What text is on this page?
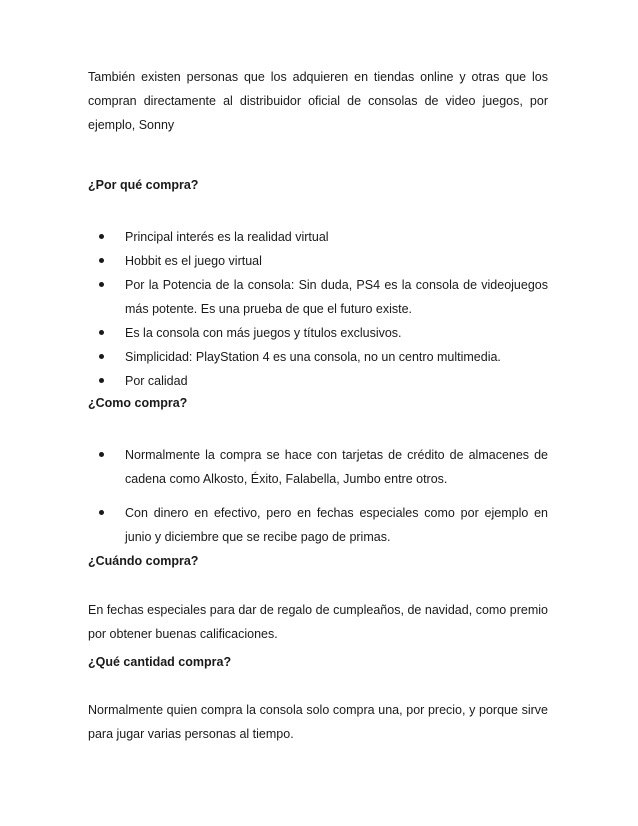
También existen personas que los adquieren en tiendas online y otras que los compran directamente al distribuidor oficial de consolas de video juegos, por ejemplo, Sonny

¿Por qué compra?

Principal interés es la realidad virtual
Hobbit es el juego virtual
Por la Potencia de la consola: Sin duda, PS4 es la consola de videojuegos más potente. Es una prueba de que el futuro existe.
Es la consola con más juegos y títulos exclusivos.
Simplicidad: PlayStation 4 es una consola, no un centro multimedia.
Por calidad

¿Como compra?

Normalmente la compra se hace con tarjetas de crédito de almacenes de cadena como Alkosto, Éxito, Falabella, Jumbo entre otros.
Con dinero en efectivo, pero en fechas especiales como por ejemplo en junio y diciembre que se recibe pago de primas.

¿Cuándo compra?

En fechas especiales para dar de regalo de cumpleaños, de navidad, como premio por obtener buenas calificaciones.

¿Qué cantidad compra?

Normalmente quien compra la consola solo compra una, por precio, y porque sirve para jugar varias personas al tiempo.
